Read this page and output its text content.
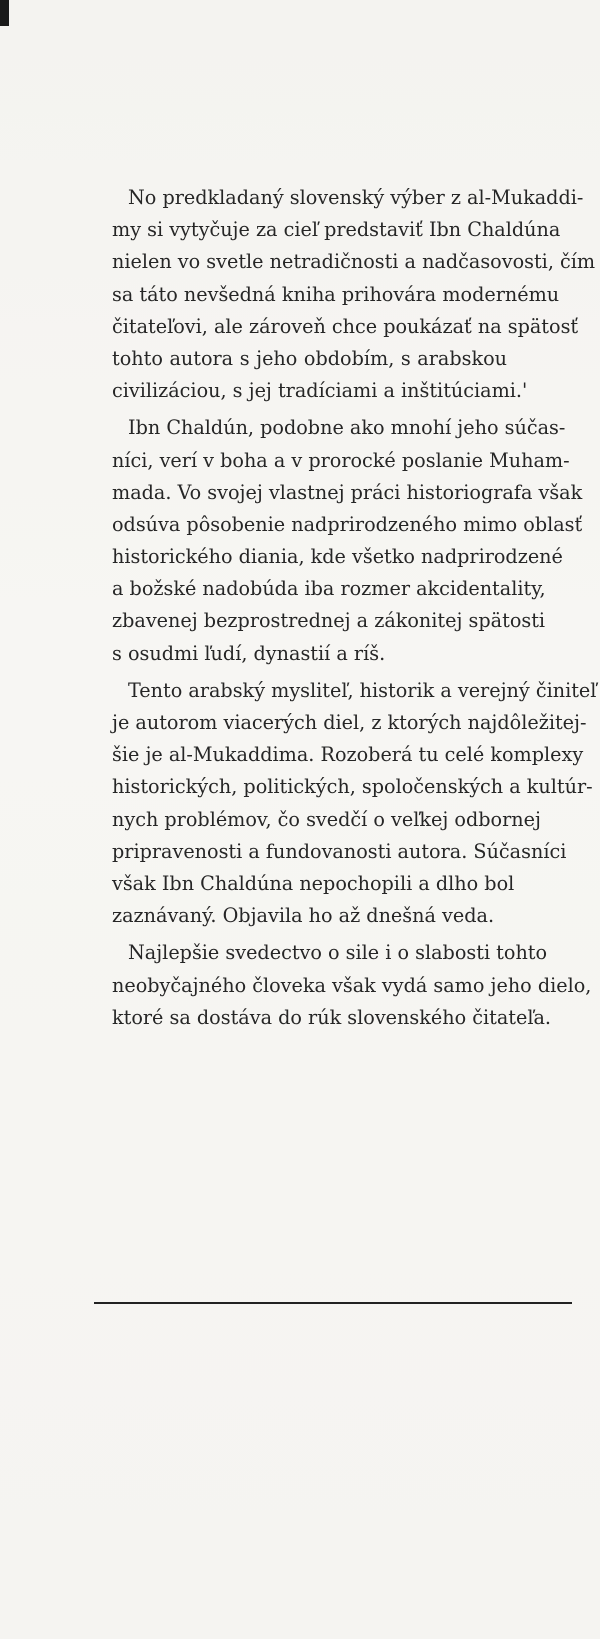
No predkladaný slovenský výber z al-Mukaddi-
my si vytyčuje za cieľ predstaviť Ibn Chaldúna
nielen vo svetle netradičnosti a nadčasovosti, čím
sa táto nevšedná kniha prihovára modernému
čitateľovi, ale zároveň chce poukázať na spätosť
tohto autora s jeho obdobím, s arabskou
civilizáciou, s jej tradíciami a inštitúciami.'
Ibn Chaldún, podobne ako mnohí jeho súčas-
níci, verí v boha a v prorocké poslanie Muham-
mada. Vo svojej vlastnej práci historiografa však
odsúva pôsobenie nadprirodzeného mimo oblasť
historického diania, kde všetko nadprirodzené
a božské nadobúda iba rozmer akcidentality,
zbavenej bezprostrednej a zákonitej spätosti
s osudmi ľudí, dynastií a ríš.
Tento arabský mysliteľ, historik a verejný činiteľ
je autorom viacerých diel, z ktorých najdôležitej-
šie je al-Mukaddima. Rozoberá tu celé komplexy
historických, politických, spoločenských a kultúr-
nych problémov, čo svedčí o veľkej odbornej
pripravenosti a fundovanosti autora. Súčasníci
však Ibn Chaldúna nepochopili a dlho bol
zaznávaný. Objavila ho až dnešná veda.
Najlepšie svedectvo o sile i o slabosti tohto
neobyčajného človeka však vydá samo jeho dielo,
ktoré sa dostáva do rúk slovenského čitateľa.
